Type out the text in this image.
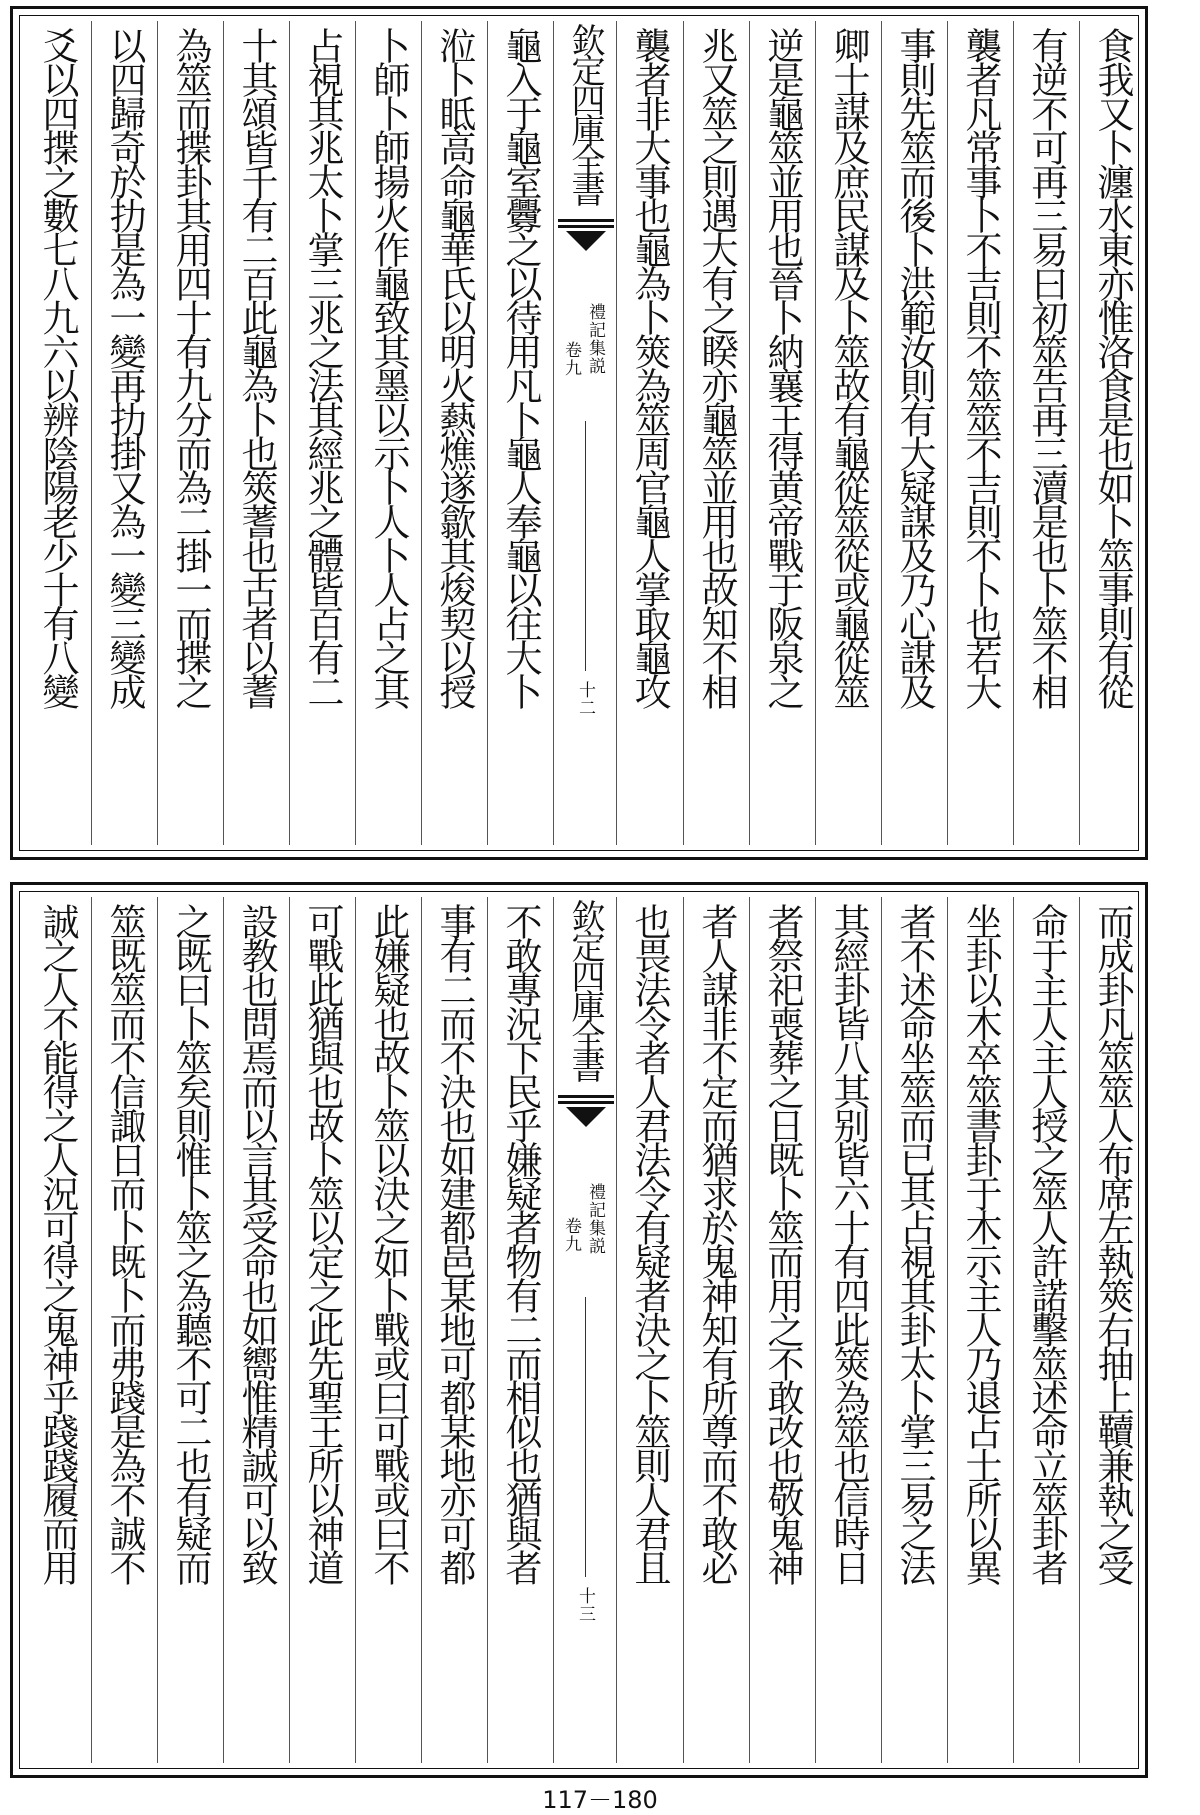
食我又卜瀍水東亦惟洛食是也如卜筮事則有從
有逆不可再三易曰初筮告再三瀆是也卜筮不相
襲者凡常事卜不吉則不筮筮不吉則不卜也若大
事則先筮而後卜洪範汝則有大疑謀及乃心謀及
卿士謀及庶民謀及卜筮故有龜從筮從或龜從筮
逆是龜筮並用也晉卜納襄王得黄帝戰于阪泉之
兆又筮之則遇大有之睽亦龜筮並用也故知不相
襲者非大事也龜為卜筴為筮周官龜人掌取龜攻
欽定四庫全書
禮記集説
卷九
十二
龜入于龜室釁之以待用凡卜龜人奉龜以往大卜
涖卜眡高命龜華氏以明火爇燋遂歙其焌契以授
卜師卜師揚火作龜致其墨以示卜人卜人占之其
占視其兆太卜掌三兆之法其經兆之體皆百有二
十其頌皆千有二百此龜為卜也筴蓍也古者以蓍
為筮而揲卦其用四十有九分而為二掛一而揲之
以四歸奇於扐是為一變再扐掛又為一變三變成
爻以四揲之數七八九六以辨陰陽老少十有八變
而成卦凡筮筮人布席左執筴右抽上韇兼執之受
命于主人主人授之筮人許諾擊筮述命立筮卦者
坐卦以木卒筮書卦于木示主人乃退占士所以異
者不述命坐筮而已其占視其卦太卜掌三易之法
其經卦皆八其别皆六十有四此筴為筮也信時日
者祭祀喪葬之日既卜筮而用之不敢改也敬鬼神
者人謀非不定而猶求於鬼神知有所尊而不敢必
也畏法令者人君法令有疑者決之卜筮則人君且
欽定四庫全書
禮記集説
卷九
十三
不敢專況下民乎嫌疑者物有二而相似也猶與者
事有二而不決也如建都邑某地可都某地亦可都
此嫌疑也故卜筮以決之如卜戰或曰可戰或曰不
可戰此猶與也故卜筮以定之此先聖王所以神道
設教也問焉而以言其受命也如嚮惟精誠可以致
之既曰卜筮矣則惟卜筮之為聽不可二也有疑而
筮既筮而不信諏日而卜既卜而弗踐是為不誠不
誠之人不能得之人況可得之鬼神乎踐踐履而用
117－180
